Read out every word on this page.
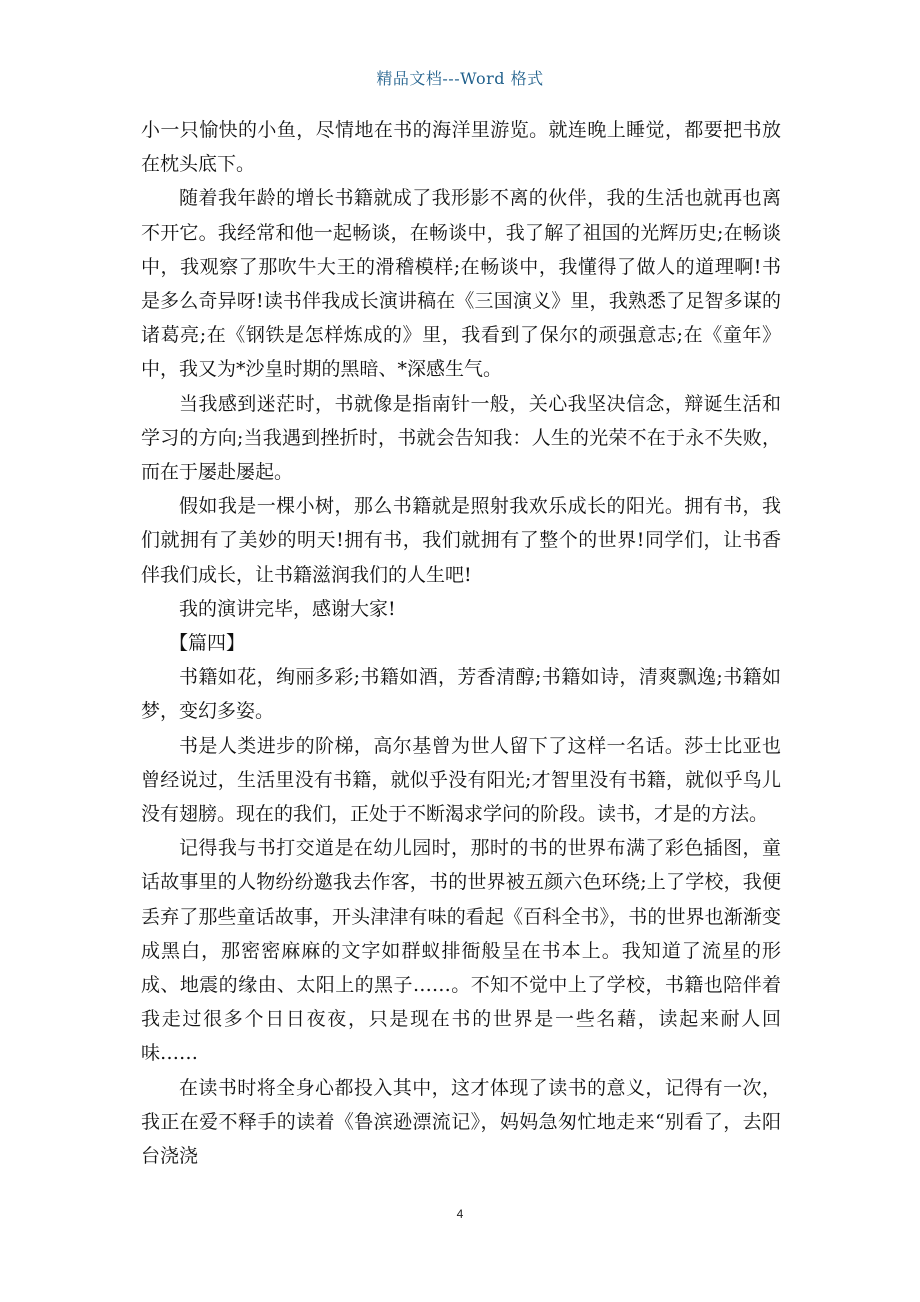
精品文档---Word 格式

小一只愉快的小鱼，尽情地在书的海洋里游览。就连晚上睡觉，都要把书放在枕头底下。

随着我年龄的增长书籍就成了我形影不离的伙伴，我的生活也就再也离不开它。我经常和他一起畅谈，在畅谈中，我了解了祖国的光辉历史;在畅谈中，我观察了那吹牛大王的滑稽模样;在畅谈中，我懂得了做人的道理啊!书是多么奇异呀!读书伴我成长演讲稿在《三国演义》里，我熟悉了足智多谋的诸葛亮;在《钢铁是怎样炼成的》里，我看到了保尔的顽强意志;在《童年》中，我又为*沙皇时期的黑暗、*深感生气。

当我感到迷茫时，书就像是指南针一般，关心我坚决信念，辩诞生活和学习的方向;当我遇到挫折时，书就会告知我：人生的光荣不在于永不失败，而在于屡赴屡起。

假如我是一棵小树，那么书籍就是照射我欢乐成长的阳光。拥有书，我们就拥有了美妙的明天!拥有书，我们就拥有了整个的世界!同学们，让书香伴我们成长，让书籍滋润我们的人生吧!

我的演讲完毕，感谢大家!

【篇四】

书籍如花，绚丽多彩;书籍如酒，芳香清醇;书籍如诗，清爽飘逸;书籍如梦，变幻多姿。

书是人类进步的阶梯，高尔基曾为世人留下了这样一名话。莎士比亚也曾经说过，生活里没有书籍，就似乎没有阳光;才智里没有书籍，就似乎鸟儿没有翅膀。现在的我们，正处于不断渴求学问的阶段。读书，才是的方法。

记得我与书打交道是在幼儿园时，那时的书的世界布满了彩色插图，童话故事里的人物纷纷邀我去作客，书的世界被五颜六色环绕;上了学校，我便丢弃了那些童话故事，开头津津有味的看起《百科全书》，书的世界也渐渐变成黑白，那密密麻麻的文字如群蚁排衙般呈在书本上。我知道了流星的形成、地震的缘由、太阳上的黑子……。不知不觉中上了学校，书籍也陪伴着我走过很多个日日夜夜，只是现在书的世界是一些名藉，读起来耐人回味……

在读书时将全身心都投入其中，这才体现了读书的意义，记得有一次，我正在爱不释手的读着《鲁滨逊漂流记》，妈妈急匆忙地走来“别看了，去阳台浇浇

4
